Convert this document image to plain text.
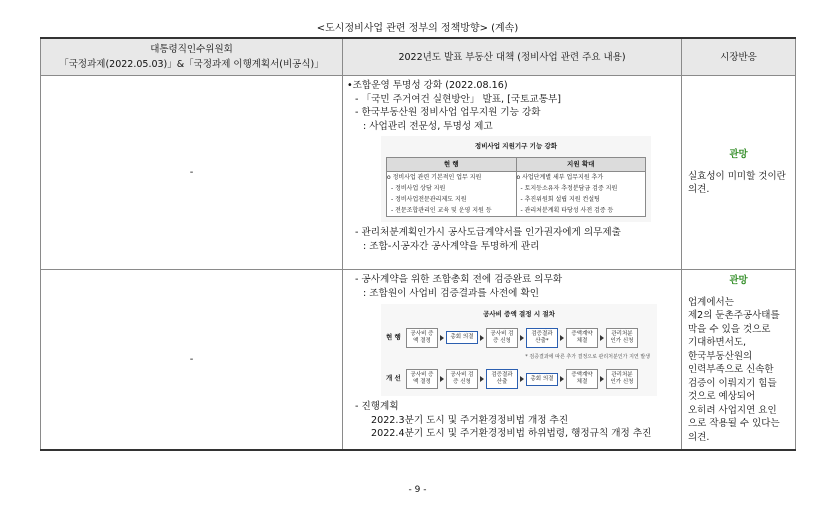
<도시정비사업 관련 정부의 정책방향> (계속)
대통령직인수위원회
「국정과제(2022.05.03)」&「국정과제 이행계획서(비공식)」
	2022년도 발표 부동산 대책 (정비사업 관련 주요 내용)	시장반응
-	
•조합운영 투명성 강화 (2022.08.16)
- 「국민 주거여건 실현방안」 발표, [국토교통부]
- 한국부동산원 정비사업 업무지원 기능 강화
: 사업관리 전문성, 투명성 제고
정비사업 지원기구 기능 강화
현 행	지원 확대

o 정비사업 관련 기본적인 업무 지원
- 정비사업 상담 지원
- 정비사업전문관리제도 지원
- 전문조합관리인 교육 및 운영 지원 등

o 사업단계별 세부 업무지원 추가
- 토지등소유자 추정분담금 검증 지원
- 추진위원회 설립 지원 컨설팅
- 관리처분계획 타당성 사전 검증 등
- 관리처분계획인가시 공사도급계약서를 인가권자에게 의무제출
: 조합-시공자간 공사계약을 투명하게 관리

관망
실효성이 미미할 것이란 의견.

-	
- 공사계약을 위한 조합총회 전에 검증완료 의무화
: 조합원이 사업비 검증결과를 사전에 확인
공사비 증액 결정 시 절차
현 행	공사비 증액 결정
총회 의결
공사비 검증 신청
검증결과 산출*
증액계약 체결
관리처분 인가 신청
* 검증결과에 따른 추가 결정으로 관리처분인가 지연 발생
개 선	공사비 증액 결정
공사비 검증 신청
검증결과 산출
총회 의결
증액계약 체결
관리처분 인가 신청
- 진행계획
2022.3분기 도시 및 주거환경정비법 개정 추진
2022.4분기 도시 및 주거환경정비법 하위법령, 행정규칙 개정 추진

관망
업계에서는
제2의 둔촌주공사태를
막을 수 있을 것으로
기대하면서도,
한국부동산원의
인력부족으로 신속한
검증이 이뤄지기 힘들
것으로 예상되어
오히려 사업지연 요인
으로 작용될 수 있다는
의견.
- 9 -
